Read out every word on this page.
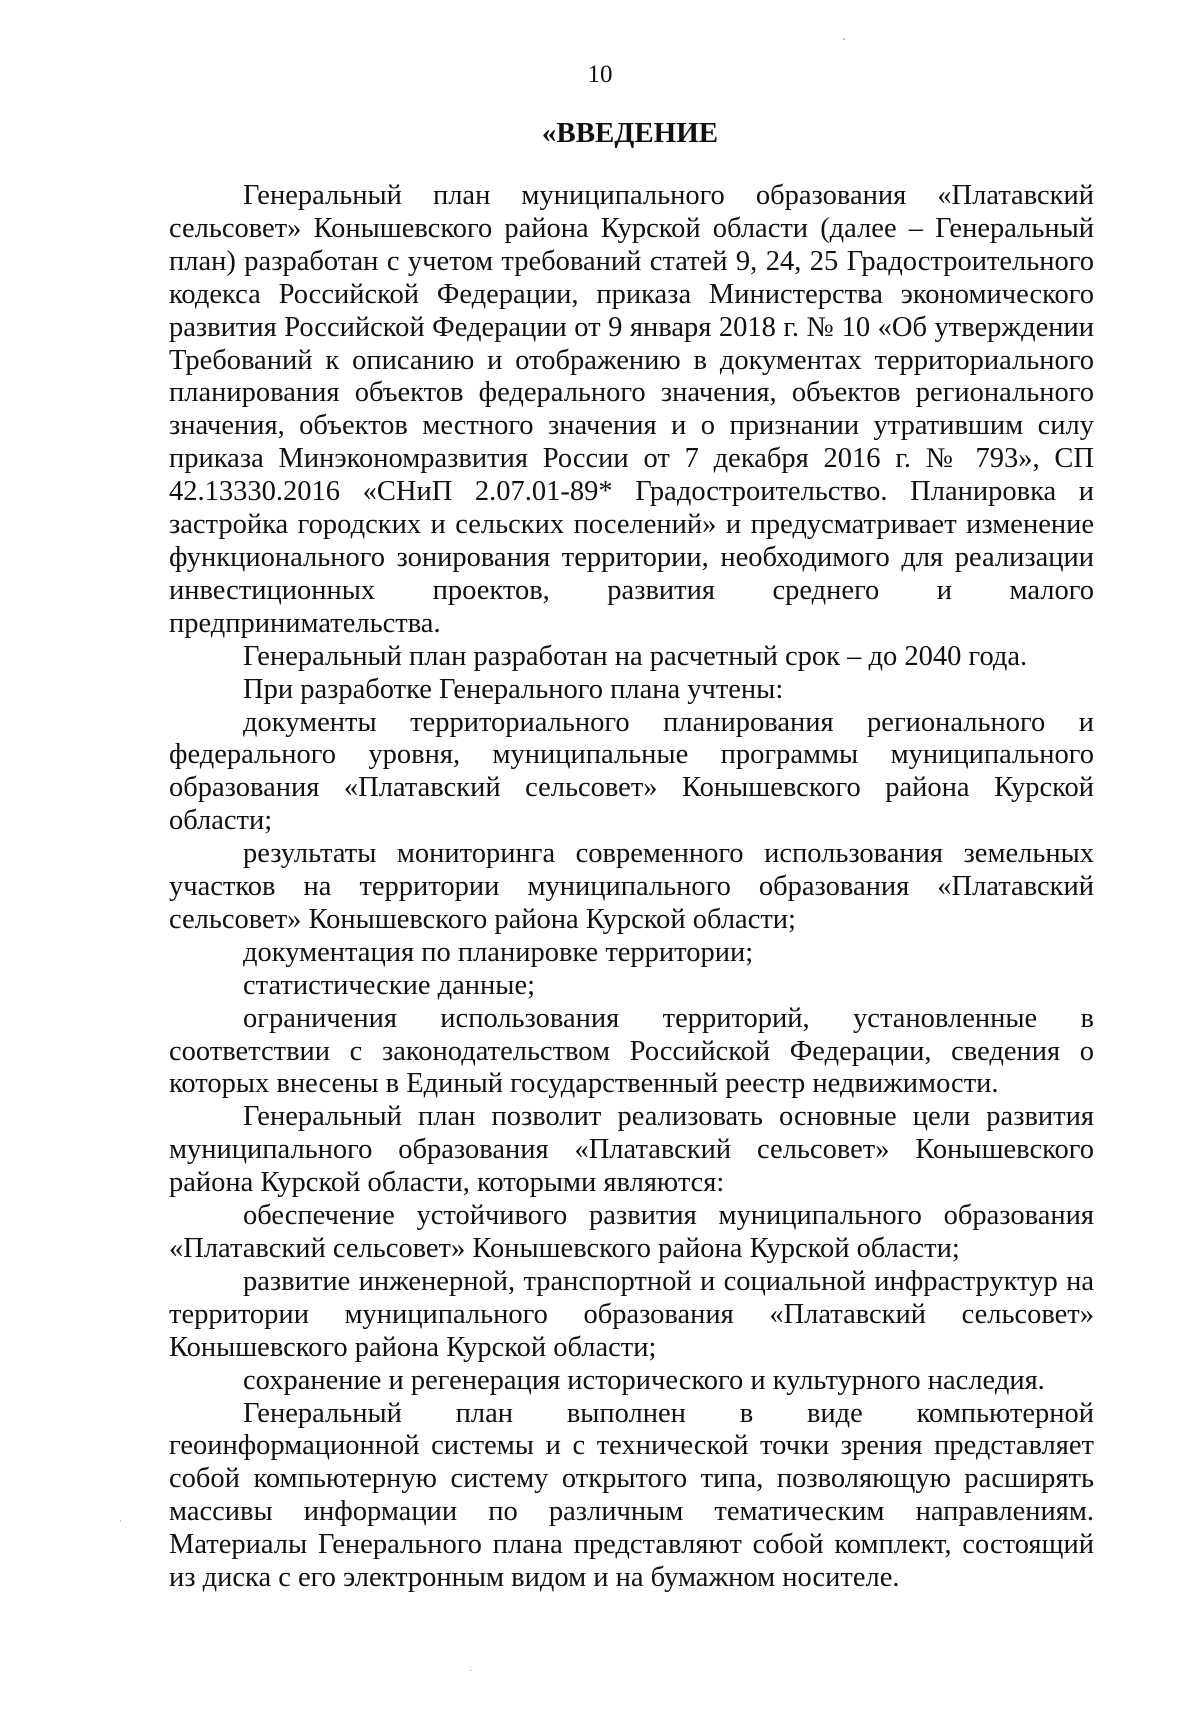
10
«ВВЕДЕНИЕ

Генеральный план муниципального образования «Платавский сельсовет» Конышевского района Курской области (далее – Генеральный план) разработан с учетом требований статей 9, 24, 25 Градостроительного кодекса Российской Федерации, приказа Министерства экономического развития Российской Федерации от 9 января 2018 г. № 10 «Об утверждении Требований к описанию и отображению в документах территориального планирования объектов федерального значения, объектов регионального значения, объектов местного значения и о признании утратившим силу приказа Минэкономразвития России от 7 декабря 2016 г. № 793», СП 42.13330.2016 «СНиП 2.07.01-89* Градостроительство. Планировка и застройка городских и сельских поселений» и предусматривает изменение функционального зонирования территории, необходимого для реализации инвестиционных проектов, развития среднего и малого предпринимательства.

Генеральный план разработан на расчетный срок – до 2040 года.

При разработке Генерального плана учтены:

документы территориального планирования регионального и федерального уровня, муниципальные программы муниципального образования «Платавский сельсовет» Конышевского района Курской области;

результаты мониторинга современного использования земельных участков на территории муниципального образования «Платавский сельсовет» Конышевского района Курской области;

документация по планировке территории;

статистические данные;

ограничения использования территорий, установленные в соответствии с законодательством Российской Федерации, сведения о которых внесены в Единый государственный реестр недвижимости.

Генеральный план позволит реализовать основные цели развития муниципального образования «Платавский сельсовет» Конышевского района Курской области, которыми являются:

обеспечение устойчивого развития муниципального образования «Платавский сельсовет» Конышевского района Курской области;

развитие инженерной, транспортной и социальной инфраструктур на территории муниципального образования «Платавский сельсовет» Конышевского района Курской области;

сохранение и регенерация исторического и культурного наследия.

Генеральный план выполнен в виде компьютерной геоинформационной системы и с технической точки зрения представляет собой компьютерную систему открытого типа, позволяющую расширять массивы информации по различным тематическим направлениям. Материалы Генерального плана представляют собой комплект, состоящий из диска с его электронным видом и на бумажном носителе.
